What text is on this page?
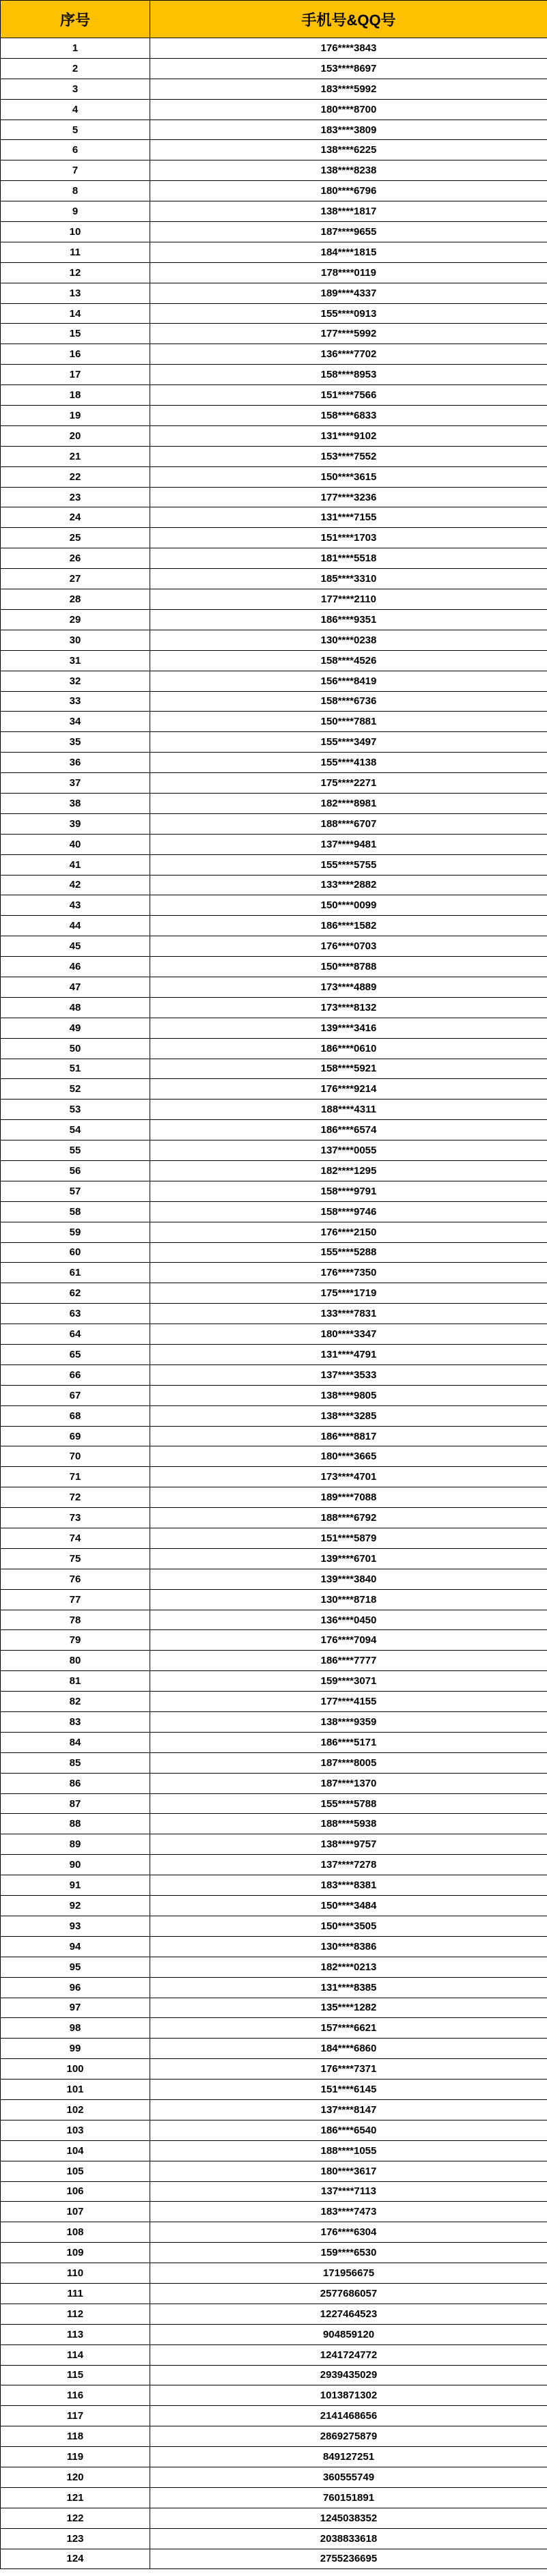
序号	手机号&QQ号
1	176****3843
2	153****8697
3	183****5992
4	180****8700
5	183****3809
6	138****6225
7	138****8238
8	180****6796
9	138****1817
10	187****9655
11	184****1815
12	178****0119
13	189****4337
14	155****0913
15	177****5992
16	136****7702
17	158****8953
18	151****7566
19	158****6833
20	131****9102
21	153****7552
22	150****3615
23	177****3236
24	131****7155
25	151****1703
26	181****5518
27	185****3310
28	177****2110
29	186****9351
30	130****0238
31	158****4526
32	156****8419
33	158****6736
34	150****7881
35	155****3497
36	155****4138
37	175****2271
38	182****8981
39	188****6707
40	137****9481
41	155****5755
42	133****2882
43	150****0099
44	186****1582
45	176****0703
46	150****8788
47	173****4889
48	173****8132
49	139****3416
50	186****0610
51	158****5921
52	176****9214
53	188****4311
54	186****6574
55	137****0055
56	182****1295
57	158****9791
58	158****9746
59	176****2150
60	155****5288
61	176****7350
62	175****1719
63	133****7831
64	180****3347
65	131****4791
66	137****3533
67	138****9805
68	138****3285
69	186****8817
70	180****3665
71	173****4701
72	189****7088
73	188****6792
74	151****5879
75	139****6701
76	139****3840
77	130****8718
78	136****0450
79	176****7094
80	186****7777
81	159****3071
82	177****4155
83	138****9359
84	186****5171
85	187****8005
86	187****1370
87	155****5788
88	188****5938
89	138****9757
90	137****7278
91	183****8381
92	150****3484
93	150****3505
94	130****8386
95	182****0213
96	131****8385
97	135****1282
98	157****6621
99	184****6860
100	176****7371
101	151****6145
102	137****8147
103	186****6540
104	188****1055
105	180****3617
106	137****7113
107	183****7473
108	176****6304
109	159****6530
110	171956675
111	2577686057
112	1227464523
113	904859120
114	1241724772
115	2939435029
116	1013871302
117	2141468656
118	2869275879
119	849127251
120	360555749
121	760151891
122	1245038352
123	2038833618
124	2755236695
